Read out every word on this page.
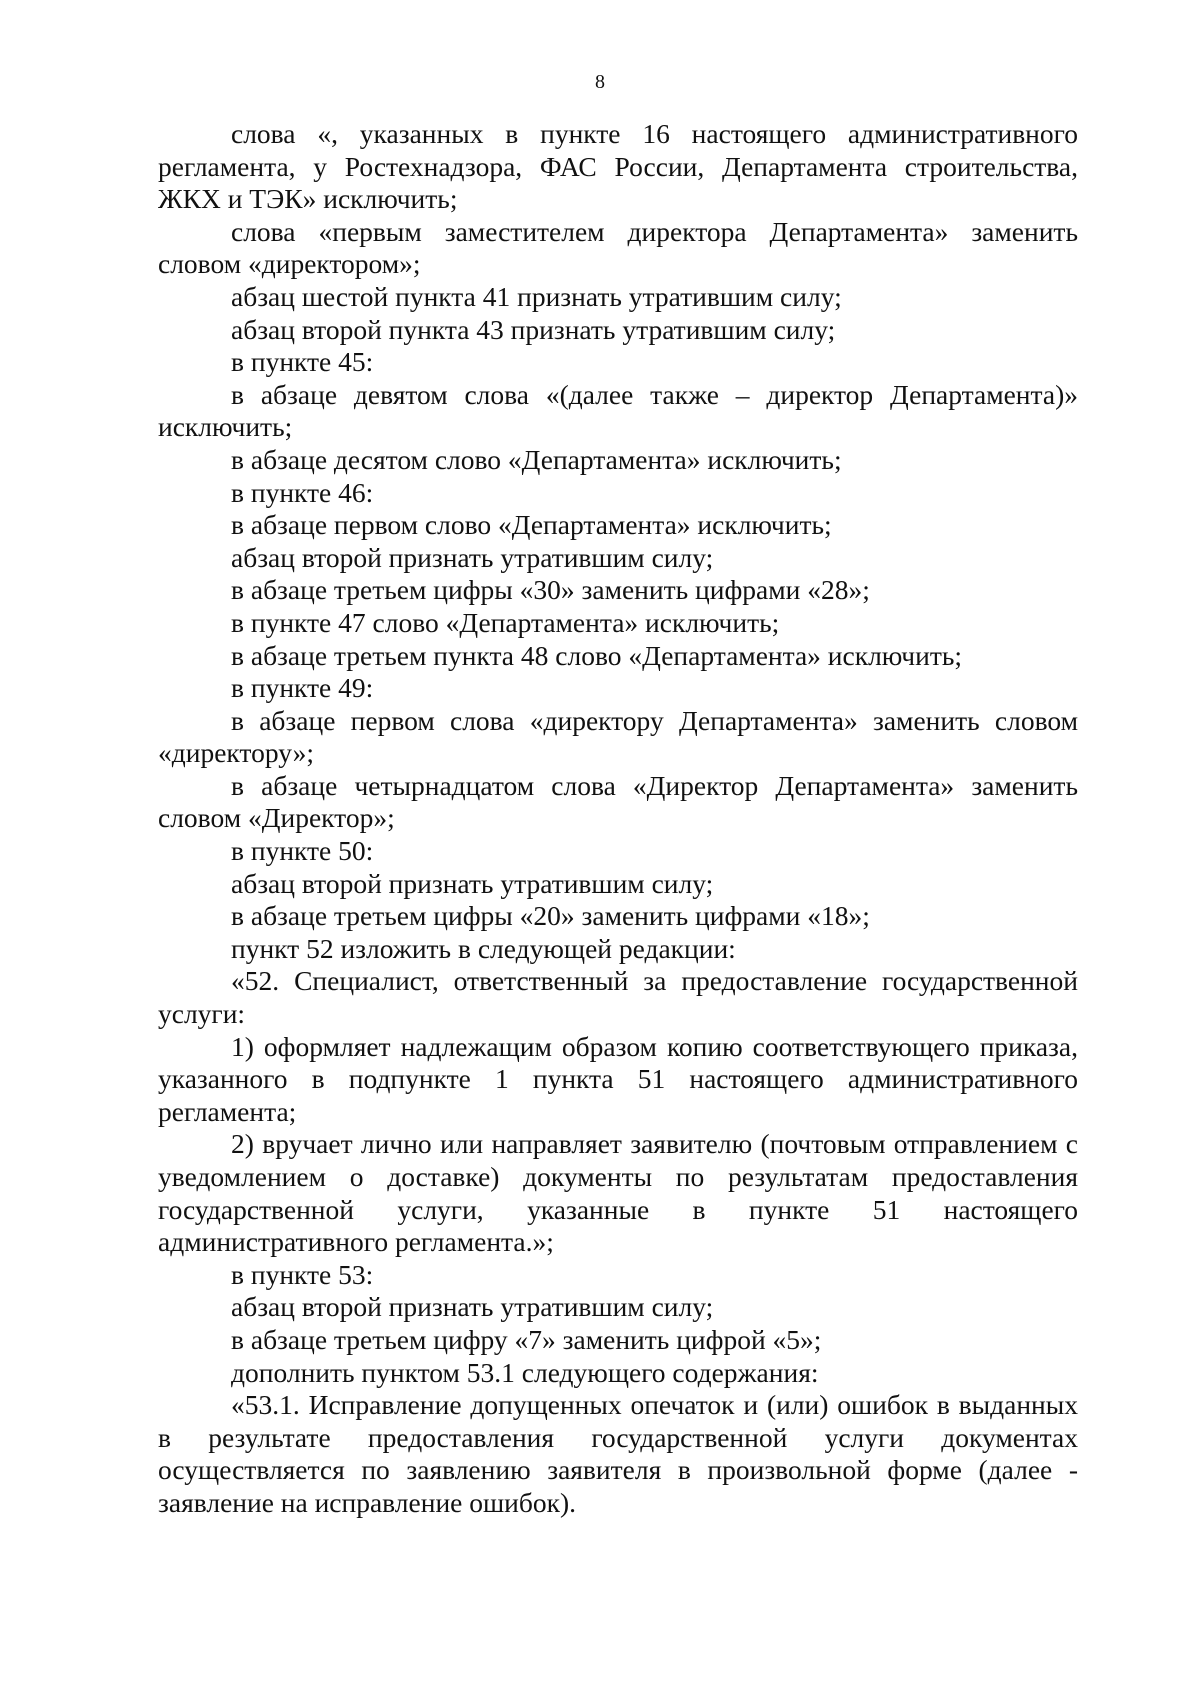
8

слова «, указанных в пункте 16 настоящего административного регламента, у Ростехнадзора, ФАС России, Департамента строительства, ЖКХ и ТЭК» исключить;

слова «первым заместителем директора Департамента» заменить словом «директором»;

абзац шестой пункта 41 признать утратившим силу;

абзац второй пункта 43 признать утратившим силу;

в пункте 45:

в абзаце девятом слова «(далее также – директор Департамента)» исключить;

в абзаце десятом слово «Департамента» исключить;

в пункте 46:

в абзаце первом слово «Департамента» исключить;

абзац второй признать утратившим силу;

в абзаце третьем цифры «30» заменить цифрами «28»;

в пункте 47 слово «Департамента» исключить;

в абзаце третьем пункта 48 слово «Департамента» исключить;

в пункте 49:

в абзаце первом слова «директору Департамента» заменить словом «директору»;

в абзаце четырнадцатом слова «Директор Департамента» заменить словом «Директор»;

в пункте 50:

абзац второй признать утратившим силу;

в абзаце третьем цифры «20» заменить цифрами «18»;

пункт 52 изложить в следующей редакции:

«52. Специалист, ответственный за предоставление государственной услуги:

1) оформляет надлежащим образом копию соответствующего приказа, указанного в подпункте 1 пункта 51 настоящего административного регламента;

2) вручает лично или направляет заявителю (почтовым отправлением с уведомлением о доставке) документы по результатам предоставления государственной услуги, указанные в пункте 51 настоящего административного регламента.»;

в пункте 53:

абзац второй признать утратившим силу;

в абзаце третьем цифру «7» заменить цифрой «5»;

дополнить пунктом 53.1 следующего содержания:

«53.1. Исправление допущенных опечаток и (или) ошибок в выданных в результате предоставления государственной услуги документах осуществляется по заявлению заявителя в произвольной форме (далее - заявление на исправление ошибок).
